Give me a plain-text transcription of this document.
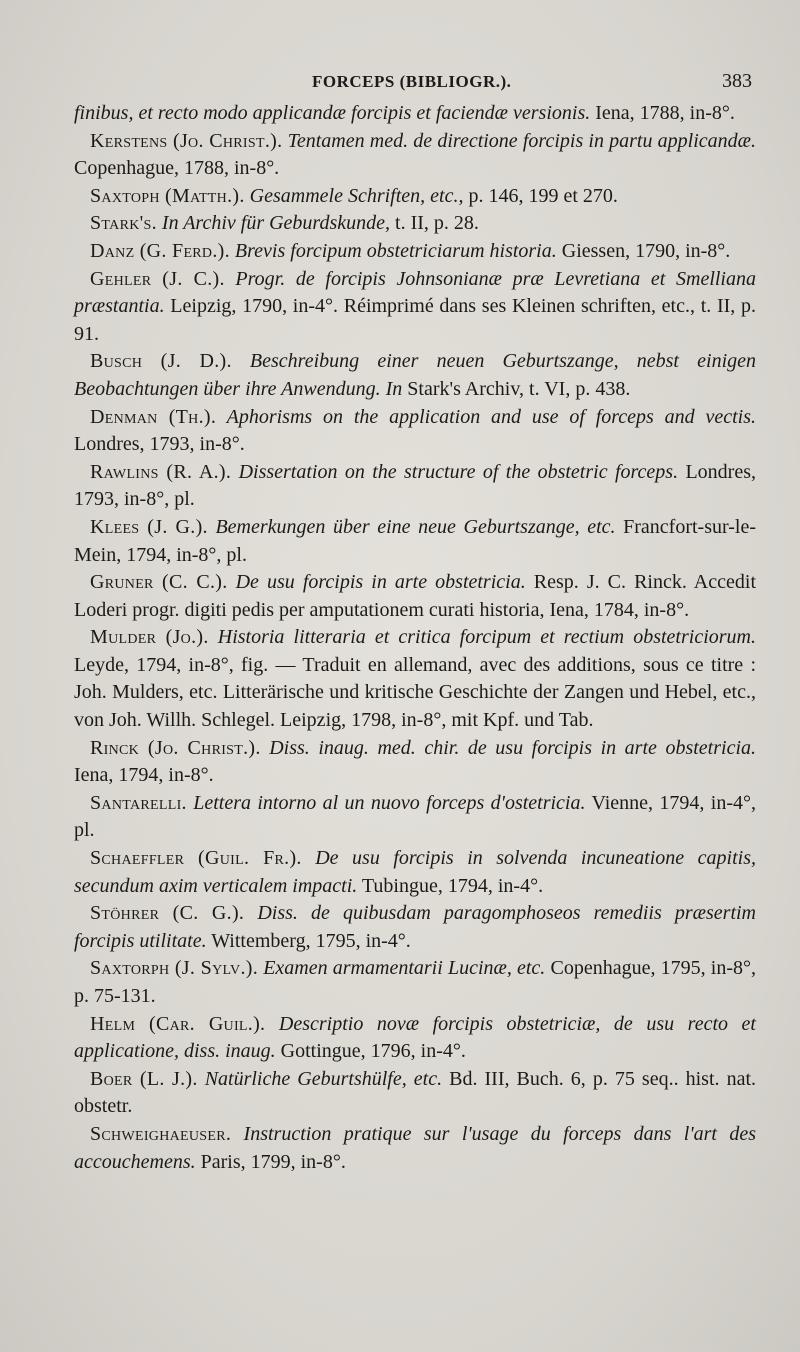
FORCEPS (BIBLIOGR.).	383

finibus, et recto modo applicandæ forcipis et faciendæ versionis. Iena, 1788, in-8°.

Kerstens (Jo. Christ.). Tentamen med. de directione forcipis in partu applicandæ. Copenhague, 1788, in-8°.

Saxtoph (Matth.). Gesammele Schriften, etc., p. 146, 199 et 270.

Stark's. In Archiv für Geburdskunde, t. II, p. 28.

Danz (G. Ferd.). Brevis forcipum obstetriciarum historia. Giessen, 1790, in-8°.

Gehler (J. C.). Progr. de forcipis Johnsonianæ præ Levretiana et Smelliana præstantia. Leipzig, 1790, in-4°. Réimprimé dans ses Kleinen schriften, etc., t. II, p. 91.

Busch (J. D.). Beschreibung einer neuen Geburtszange, nebst einigen Beobachtungen über ihre Anwendung. In Stark's Archiv, t. VI, p. 438.

Denman (Th.). Aphorisms on the application and use of forceps and vectis. Londres, 1793, in-8°.

Rawlins (R. A.). Dissertation on the structure of the obstetric forceps. Londres, 1793, in-8°, pl.

Klees (J. G.). Bemerkungen über eine neue Geburtszange, etc. Francfort-sur-le-Mein, 1794, in-8°, pl.

Gruner (C. C.). De usu forcipis in arte obstetricia. Resp. J. C. Rinck. Accedit Loderi progr. digiti pedis per amputationem curati historia, Iena, 1784, in-8°.

Mulder (Jo.). Historia litteraria et critica forcipum et rectium obstetriciorum. Leyde, 1794, in-8°, fig. — Traduit en allemand, avec des additions, sous ce titre : Joh. Mulders, etc. Litterärische und kritische Geschichte der Zangen und Hebel, etc., von Joh. Willh. Schlegel. Leipzig, 1798, in-8°, mit Kpf. und Tab.

Rinck (Jo. Christ.). Diss. inaug. med. chir. de usu forcipis in arte obstetricia. Iena, 1794, in-8°.

Santarelli. Lettera intorno al un nuovo forceps d'ostetricia. Vienne, 1794, in-4°, pl.

Schaeffler (Guil. Fr.). De usu forcipis in solvenda incuneatione capitis, secundum axim verticalem impacti. Tubingue, 1794, in-4°.

Stöhrer (C. G.). Diss. de quibusdam paragomphoseos remediis præsertim forcipis utilitate. Wittemberg, 1795, in-4°.

Saxtorph (J. Sylv.). Examen armamentarii Lucinæ, etc. Copenhague, 1795, in-8°, p. 75-131.

Helm (Car. Guil.). Descriptio novæ forcipis obstetriciæ, de usu recto et applicatione, diss. inaug. Gottingue, 1796, in-4°.

Boer (L. J.). Natürliche Geburtshülfe, etc. Bd. III, Buch. 6, p. 75 seq.. hist. nat. obstetr.

Schweighaeuser. Instruction pratique sur l'usage du forceps dans l'art des accouchemens. Paris, 1799, in-8°.
